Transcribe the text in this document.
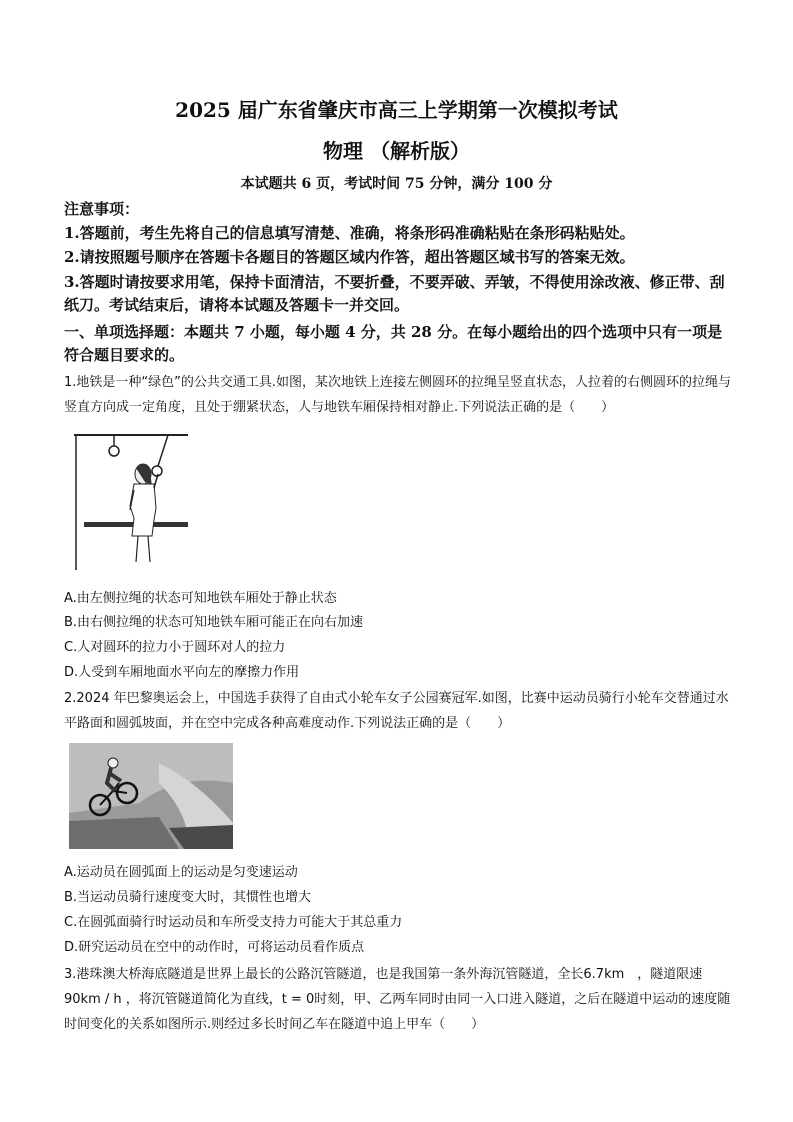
2025 届广东省肇庆市高三上学期第一次模拟考试
物理 （解析版）
本试题共 6 页，考试时间 75 分钟，满分 100 分
注意事项：
1.答题前，考生先将自己的信息填写清楚、准确，将条形码准确粘贴在条形码粘贴处。
2.请按照题号顺序在答题卡各题目的答题区域内作答，超出答题区域书写的答案无效。
3.答题时请按要求用笔，保持卡面清洁，不要折叠，不要弄破、弄皱，不得使用涂改液、修正带、刮纸刀。考试结束后，请将本试题及答题卡一并交回。
一、单项选择题：本题共 7 小题，每小题 4 分，共 28 分。在每小题给出的四个选项中只有一项是符合题目要求的。
1.地铁是一种“绿色”的公共交通工具.如图，某次地铁上连接左侧圆环的拉绳呈竖直状态，人拉着的右侧圆环的拉绳与竖直方向成一定角度，且处于绷紧状态，人与地铁车厢保持相对静止.下列说法正确的是（　　）
A.由左侧拉绳的状态可知地铁车厢处于静止状态
B.由右侧拉绳的状态可知地铁车厢可能正在向右加速
C.人对圆环的拉力小于圆环对人的拉力
D.人受到车厢地面水平向左的摩擦力作用
2.2024 年巴黎奥运会上，中国选手获得了自由式小轮车女子公园赛冠军.如图，比赛中运动员骑行小轮车交替通过水平路面和圆弧坡面，并在空中完成各种高难度动作.下列说法正确的是（　　）
A.运动员在圆弧面上的运动是匀变速运动
B.当运动员骑行速度变大时，其惯性也增大
C.在圆弧面骑行时运动员和车所受支持力可能大于其总重力
D.研究运动员在空中的动作时，可将运动员看作质点
3.港珠澳大桥海底隧道是世界上最长的公路沉管隧道，也是我国第一条外海沉管隧道，全长6.7km　，隧道限速90km / h ，将沉管隧道简化为直线，t = 0时刻，甲、乙两车同时由同一入口进入隧道，之后在隧道中运动的速度随时间变化的关系如图所示.则经过多长时间乙车在隧道中追上甲车（　　）
